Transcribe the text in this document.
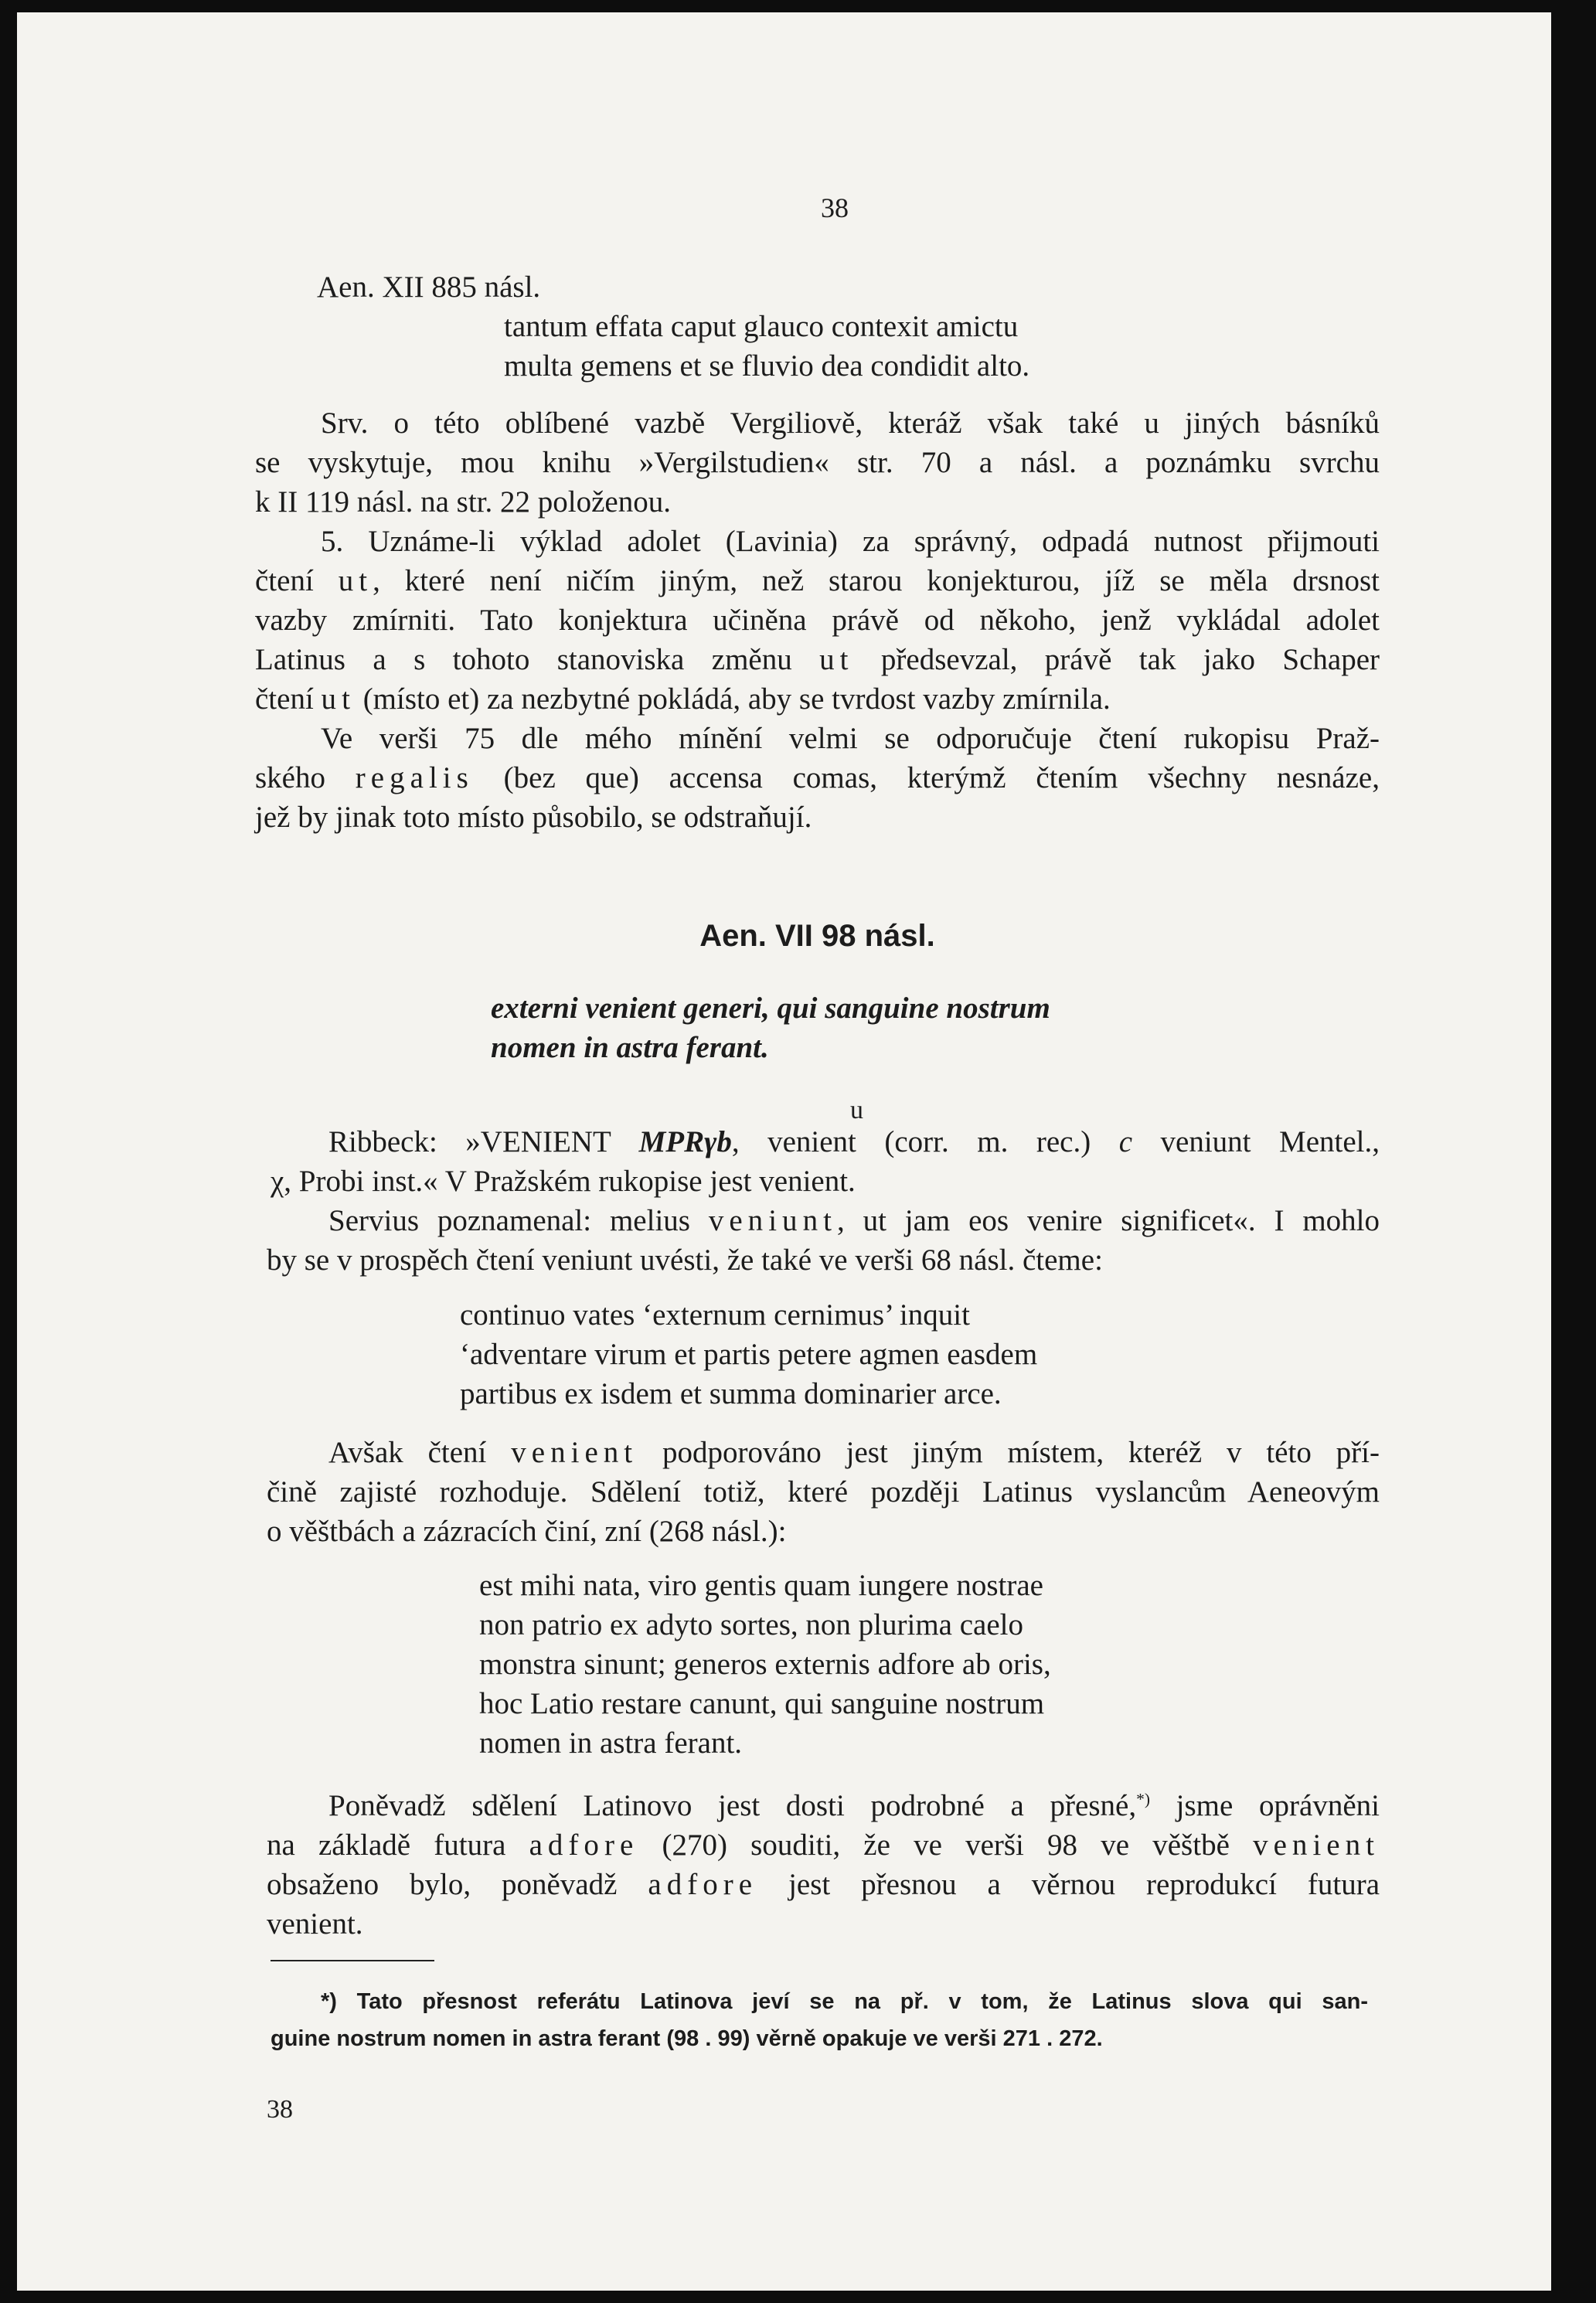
38
Aen. XII 885 násl.
tantum effata caput glauco contexit amictu
multa gemens et se fluvio dea condidit alto.
Srv. o této oblíbené vazbě Vergiliově, kteráž však také u jiných básníků
se vyskytuje, mou knihu »Vergilstudien« str. 70 a násl. a poznámku svrchu
k II 119 násl. na str. 22 položenou.
5. Uznáme-li výklad adolet (Lavinia) za správný, odpadá nutnost přijmouti
čtení ut, které není ničím jiným, než starou konjekturou, jíž se měla drsnost
vazby zmírniti. Tato konjektura učiněna právě od někoho, jenž vykládal adolet
Latinus a s tohoto stanoviska změnu ut předsevzal, právě tak jako Schaper
čtení ut (místo et) za nezbytné pokládá, aby se tvrdost vazby zmírnila.
Ve verši 75 dle mého mínění velmi se odporučuje čtení rukopisu Praž-
ského regalis (bez que) accensa comas, kterýmž čtením všechny nesnáze,
jež by jinak toto místo působilo, se odstraňují.
Aen. VII 98 násl.
externi venient generi, qui sanguine nostrum
nomen in astra ferant.
u
Ribbeck: »VENIENT MPRγb, venient (corr. m. rec.) c veniunt Mentel.,
χ, Probi inst.« V Pražském rukopise jest venient.
Servius poznamenal: melius veniunt, ut jam eos venire significet«. I mohlo
by se v prospěch čtení veniunt uvésti, že také ve verši 68 násl. čteme:
continuo vates ‘externum cernimus’ inquit
‘adventare virum et partis petere agmen easdem
partibus ex isdem et summa dominarier arce.
Avšak čtení venient podporováno jest jiným místem, kteréž v této pří-
čině zajisté rozhoduje. Sdělení totiž, které později Latinus vyslancům Aeneovým
o věštbách a zázracích činí, zní (268 násl.):
est mihi nata, viro gentis quam iungere nostrae
non patrio ex adyto sortes, non plurima caelo
monstra sinunt; generos externis adfore ab oris,
hoc Latio restare canunt, qui sanguine nostrum
nomen in astra ferant.
Poněvadž sdělení Latinovo jest dosti podrobné a přesné,*) jsme oprávněni
na základě futura adfore (270) souditi, že ve verši 98 ve věštbě venient
obsaženo bylo, poněvadž adfore jest přesnou a věrnou reprodukcí futura
venient.
*) Tato přesnost referátu Latinova jeví se na př. v tom, že Latinus slova qui san-
guine nostrum nomen in astra ferant (98 . 99) věrně opakuje ve verši 271 . 272.
38
